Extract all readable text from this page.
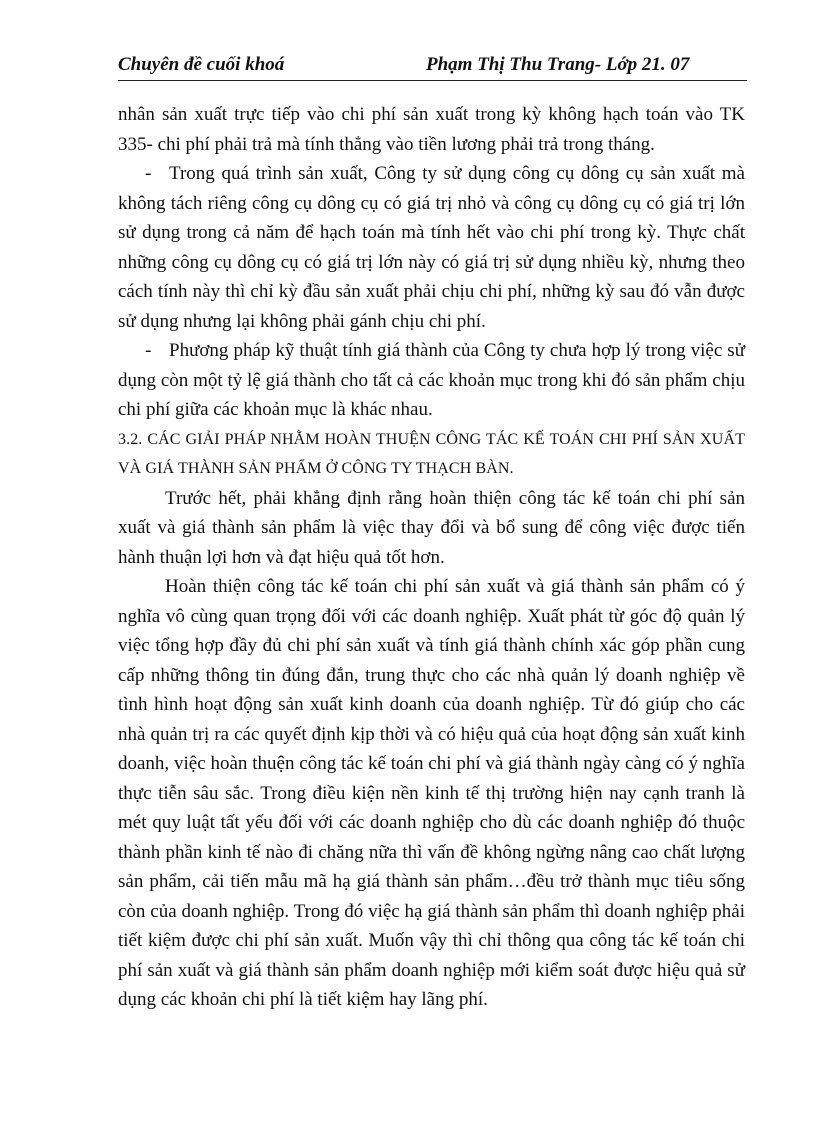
Chuyên đề cuối khoá	Phạm Thị Thu Trang- Lớp 21. 07

nhân sản xuất trực tiếp vào chi phí sản xuất trong kỳ không hạch toán vào TK 335- chi phí phải trả mà tính thẳng vào tiền lương phải trả trong tháng.

- Trong quá trình sản xuất, Công ty sử dụng công cụ dông cụ sản xuất mà không tách riêng công cụ dông cụ có giá trị nhỏ và công cụ dông cụ có giá trị lớn sử dụng trong cả năm để hạch toán mà tính hết vào chi phí trong kỳ. Thực chất những công cụ dông cụ có giá trị lớn này có giá trị sử dụng nhiều kỳ, nhưng theo cách tính này thì chỉ kỳ đầu sản xuất phải chịu chi phí, những kỳ sau đó vẫn được sử dụng nhưng lại không phải gánh chịu chi phí.

- Phương pháp kỹ thuật tính giá thành của Công ty chưa hợp lý trong việc sử dụng còn một tỷ lệ giá thành cho tất cả các khoản mục trong khi đó sản phẩm chịu chi phí giữa các khoản mục là khác nhau.

3.2. CÁC GIẢI PHÁP NHẰM HOÀN THUỆN CÔNG TÁC KẾ TOÁN CHI PHÍ SẢN XUẤT VÀ GIÁ THÀNH SẢN PHẨM Ở CÔNG TY THẠCH BÀN.

Trước hết, phải khẳng định rằng hoàn thiện công tác kế toán chi phí sản xuất và giá thành sản phẩm là việc thay đổi và bổ sung để công việc được tiến hành thuận lợi hơn và đạt hiệu quả tốt hơn.

Hoàn thiện công tác kế toán chi phí sản xuất và giá thành sản phẩm có ý nghĩa vô cùng quan trọng đối với các doanh nghiệp. Xuất phát từ góc độ quản lý việc tổng hợp đầy đủ chi phí sản xuất và tính giá thành chính xác góp phần cung cấp những thông tin đúng đắn, trung thực cho các nhà quản lý doanh nghiệp về tình hình hoạt động sản xuất kinh doanh của doanh nghiệp. Từ đó giúp cho các nhà quản trị ra các quyết định kịp thời và có hiệu quả của hoạt động sản xuất kinh doanh, việc hoàn thuện công tác kế toán chi phí và giá thành ngày càng có ý nghĩa thực tiễn sâu sắc. Trong điều kiện nền kinh tế thị trường hiện nay cạnh tranh là mét quy luật tất yếu đối với các doanh nghiệp cho dù các doanh nghiệp đó thuộc thành phần kinh tế nào đi chăng nữa thì vấn đề không ngừng nâng cao chất lượng sản phẩm, cải tiến mẫu mã hạ giá thành sản phẩm…đều trở thành mục tiêu sống còn của doanh nghiệp. Trong đó việc hạ giá thành sản phẩm thì doanh nghiệp phải tiết kiệm được chi phí sản xuất. Muốn vậy thì chỉ thông qua công tác kế toán chi phí sản xuất và giá thành sản phẩm doanh nghiệp mới kiểm soát được hiệu quả sử dụng các khoản chi phí là tiết kiệm hay lãng phí.
